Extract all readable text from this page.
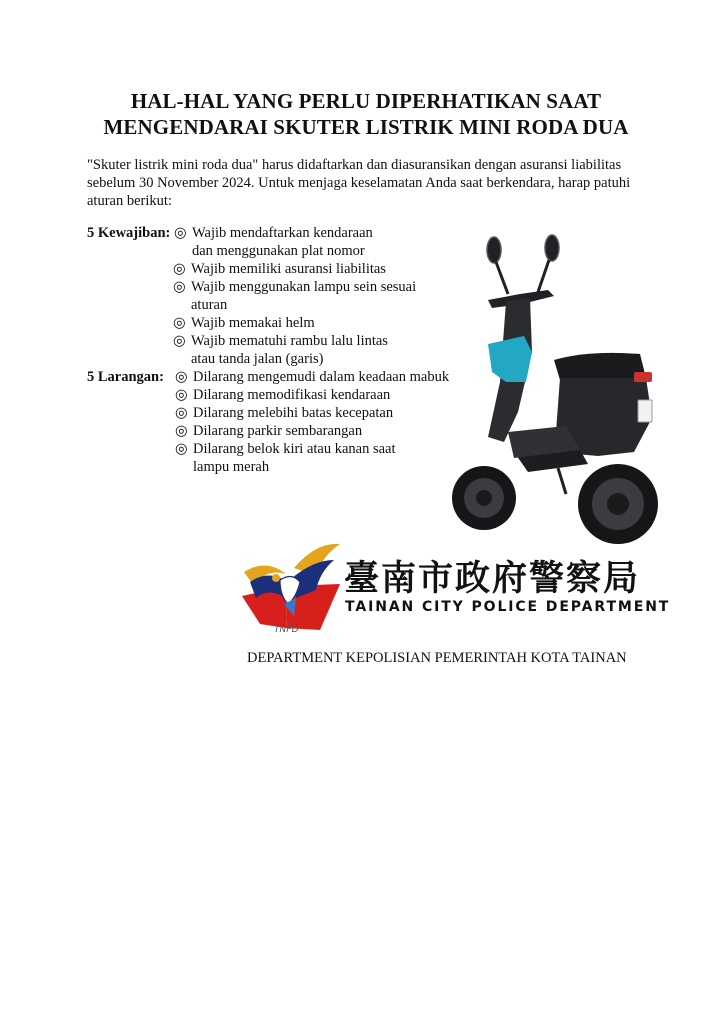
HAL-HAL YANG PERLU DIPERHATIKAN SAAT
MENGENDARAI SKUTER LISTRIK MINI RODA DUA
"Skuter listrik mini roda dua" harus didaftarkan dan diasuransikan dengan asuransi liabilitas
sebelum 30 November 2024. Untuk menjaga keselamatan Anda saat berkendara, harap patuhi
aturan berikut:
5 Kewajiban: ◎ Wajib mendaftarkan kendaraan
dan menggunakan plat nomor
◎ Wajib memiliki asuransi liabilitas
◎ Wajib menggunakan lampu sein sesuai
aturan
◎ Wajib memakai helm
◎ Wajib mematuhi rambu lalu lintas
atau tanda jalan (garis)
5 Larangan: ◎ Dilarang mengemudi dalam keadaan mabuk
◎ Dilarang memodifikasi kendaraan
◎ Dilarang melebihi batas kecepatan
◎ Dilarang parkir sembarangan
◎ Dilarang belok kiri atau kanan saat
lampu merah
TNPD
臺南市政府警察局
TAINAN CITY POLICE DEPARTMENT
DEPARTMENT KEPOLISIAN PEMERINTAH KOTA TAINAN
